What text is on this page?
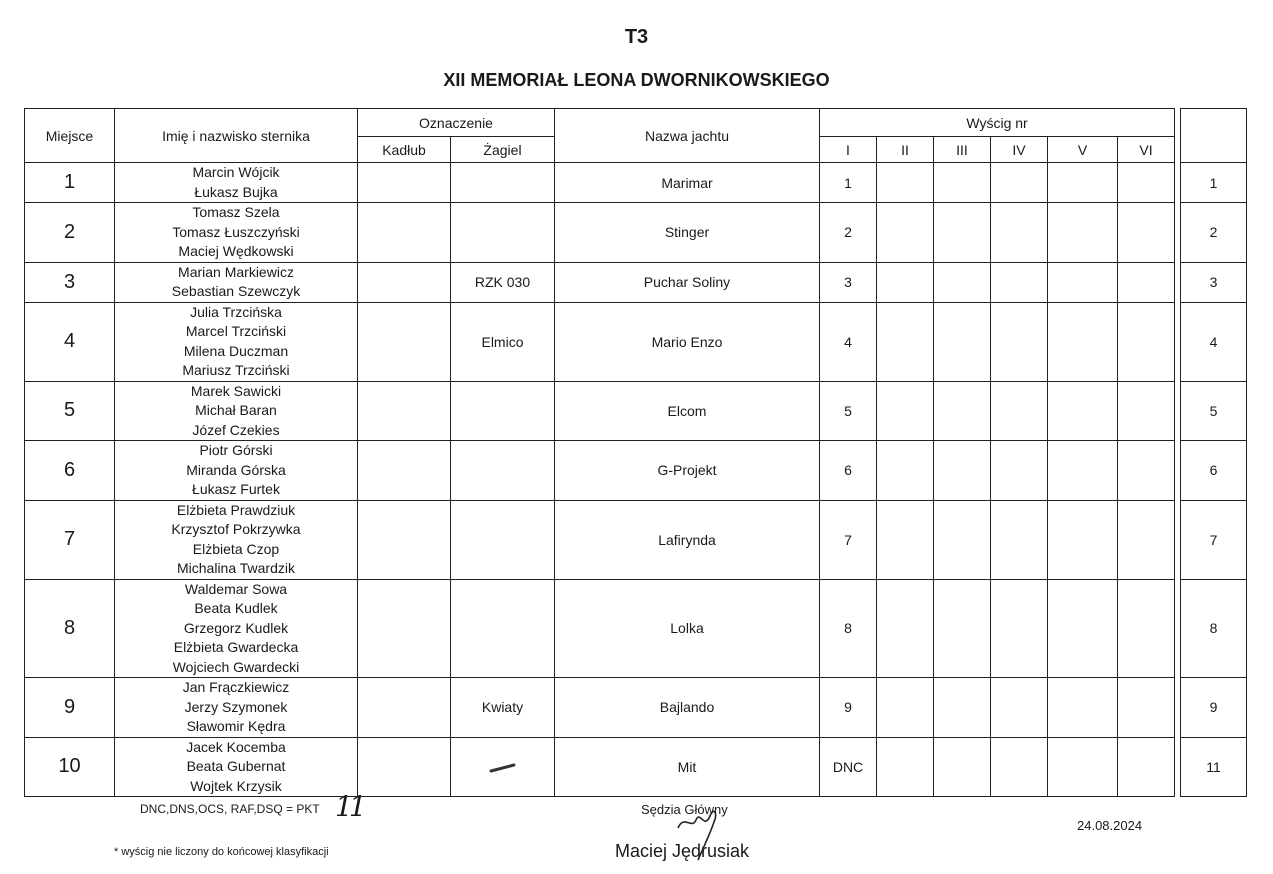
T3
XII MEMORIAŁ LEONA DWORNIKOWSKIEGO
Miejsce	Imię i nazwisko sternika	Oznaczenie		Nazwa jachtu	Wyścig nr							
		Kadłub	Żagiel		I	II	III	IV	V	VI		
1	Marcin Wójcik
Łukasz Bujka			Marimar	1							1
2	Tomasz Szela
Tomasz Łuszczyński
Maciej Wędkowski			Stinger	2							2
3	Marian Markiewicz
Sebastian Szewczyk		RZK 030	Puchar Soliny	3							3
4	Julia Trzcińska
Marcel Trzciński
Milena Duczman
Mariusz Trzciński		Elmico	Mario Enzo	4							4
5	Marek Sawicki
Michał Baran
Józef Czekies			Elcom	5							5
6	Piotr Górski
Miranda Górska
Łukasz Furtek			G-Projekt	6							6
7	Elżbieta Prawdziuk
Krzysztof Pokrzywka
Elżbieta Czop
Michalina Twardzik			Lafirynda	7							7
8	Waldemar Sowa
Beata Kudlek
Grzegorz Kudlek
Elżbieta Gwardecka
Wojciech Gwardecki			Lolka	8							8
9	Jan Frączkiewicz
Jerzy Szymonek
Sławomir Kędra		Kwiaty	Bajlando	9							9
10	Jacek Kocemba
Beata Gubernat
Wojtek Krzysik			Mit	DNC							11
DNC,DNS,OCS, RAF,DSQ = PKT 11
* wyścig nie liczony do końcowej klasyfikacji
Sędzia Główny
Maciej Jędrusiak
24.08.2024
